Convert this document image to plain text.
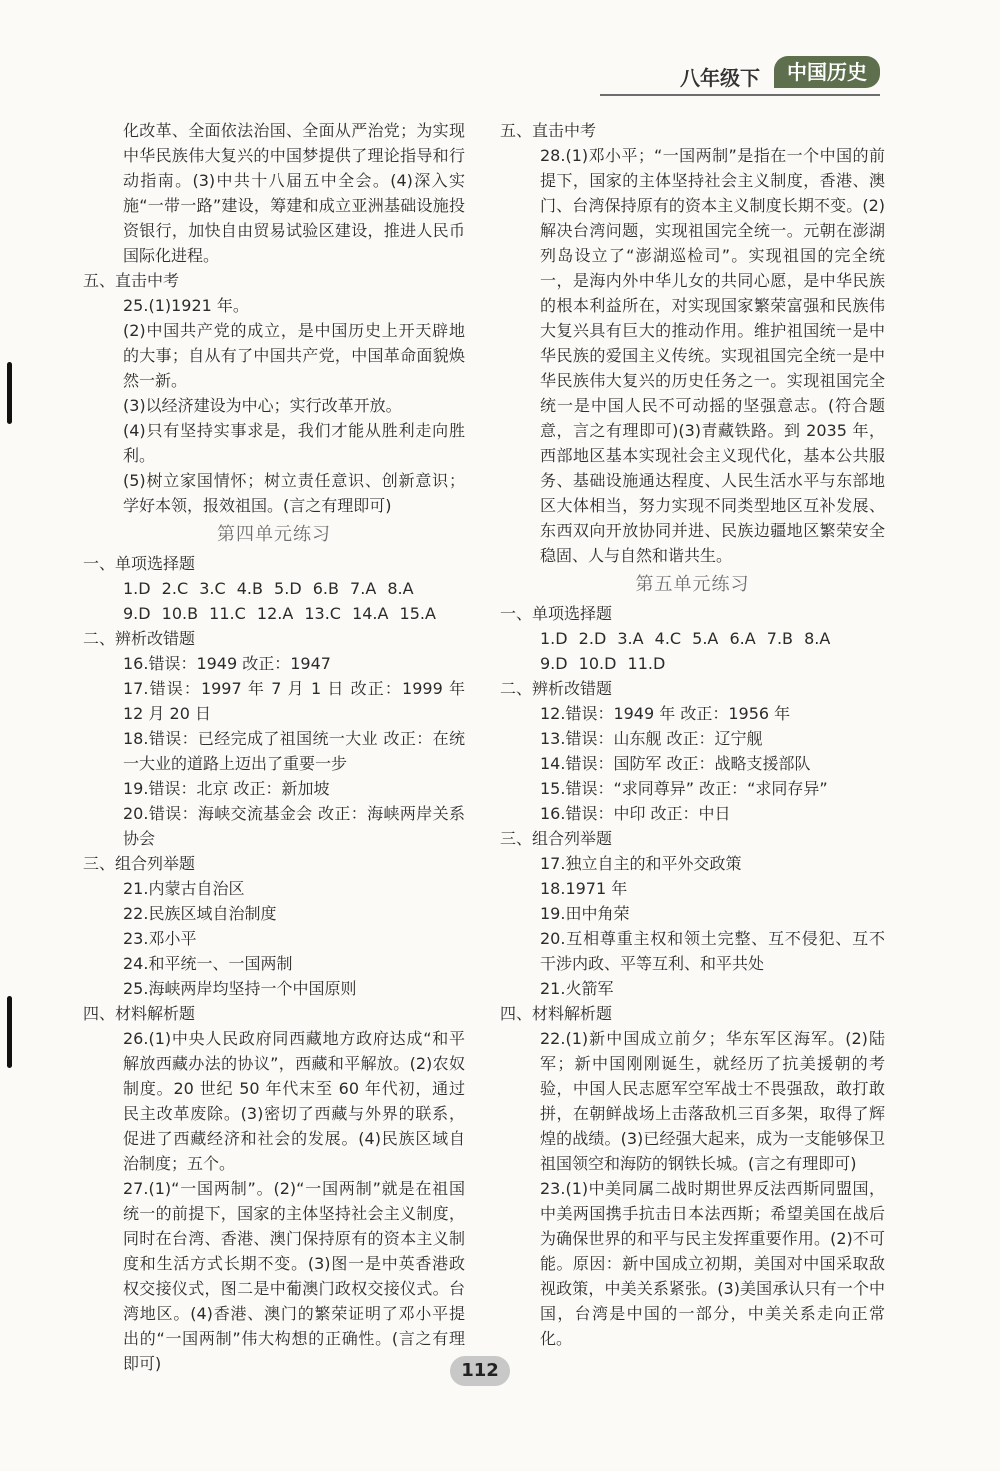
八年级下	中国历史

化改革、全面依法治国、全面从严治党；为实现中华民族伟大复兴的中国梦提供了理论指导和行动指南。(3)中共十八届五中全会。(4)深入实施“一带一路”建设，筹建和成立亚洲基础设施投资银行，加快自由贸易试验区建设，推进人民币国际化进程。

五、直击中考

25.(1)1921 年。

(2)中国共产党的成立，是中国历史上开天辟地的大事；自从有了中国共产党，中国革命面貌焕然一新。

(3)以经济建设为中心；实行改革开放。

(4)只有坚持实事求是，我们才能从胜利走向胜利。

(5)树立家国情怀；树立责任意识、创新意识；学好本领，报效祖国。(言之有理即可)

第四单元练习

一、单项选择题

1.D 2.C 3.C 4.B 5.D 6.B 7.A 8.A

9.D 10.B 11.C 12.A 13.C 14.A 15.A

二、辨析改错题

16.错误：1949 改正：1947

17.错误：1997 年 7 月 1 日 改正：1999 年 12 月 20 日

18.错误：已经完成了祖国统一大业 改正：在统一大业的道路上迈出了重要一步

19.错误：北京 改正：新加坡

20.错误：海峡交流基金会 改正：海峡两岸关系协会

三、组合列举题

21.内蒙古自治区

22.民族区域自治制度

23.邓小平

24.和平统一、一国两制

25.海峡两岸均坚持一个中国原则

四、材料解析题

26.(1)中央人民政府同西藏地方政府达成“和平解放西藏办法的协议”，西藏和平解放。(2)农奴制度。20 世纪 50 年代末至 60 年代初，通过民主改革废除。(3)密切了西藏与外界的联系，促进了西藏经济和社会的发展。(4)民族区域自治制度；五个。

27.(1)“一国两制”。(2)“一国两制”就是在祖国统一的前提下，国家的主体坚持社会主义制度，同时在台湾、香港、澳门保持原有的资本主义制度和生活方式长期不变。(3)图一是中英香港政权交接仪式，图二是中葡澳门政权交接仪式。台湾地区。(4)香港、澳门的繁荣证明了邓小平提出的“一国两制”伟大构想的正确性。(言之有理即可)

五、直击中考

28.(1)邓小平；“一国两制”是指在一个中国的前提下，国家的主体坚持社会主义制度，香港、澳门、台湾保持原有的资本主义制度长期不变。(2)解决台湾问题，实现祖国完全统一。元朝在澎湖列岛设立了“澎湖巡检司”。实现祖国的完全统一，是海内外中华儿女的共同心愿，是中华民族的根本利益所在，对实现国家繁荣富强和民族伟大复兴具有巨大的推动作用。维护祖国统一是中华民族的爱国主义传统。实现祖国完全统一是中华民族伟大复兴的历史任务之一。实现祖国完全统一是中国人民不可动摇的坚强意志。(符合题意，言之有理即可)(3)青藏铁路。到 2035 年，西部地区基本实现社会主义现代化，基本公共服务、基础设施通达程度、人民生活水平与东部地区大体相当，努力实现不同类型地区互补发展、东西双向开放协同并进、民族边疆地区繁荣安全稳固、人与自然和谐共生。

第五单元练习

一、单项选择题

1.D 2.D 3.A 4.C 5.A 6.A 7.B 8.A

9.D 10.D 11.D

二、辨析改错题

12.错误：1949 年 改正：1956 年

13.错误：山东舰 改正：辽宁舰

14.错误：国防军 改正：战略支援部队

15.错误：“求同尊异” 改正：“求同存异”

16.错误：中印 改正：中日

三、组合列举题

17.独立自主的和平外交政策

18.1971 年

19.田中角荣

20.互相尊重主权和领土完整、互不侵犯、互不干涉内政、平等互利、和平共处

21.火箭军

四、材料解析题

22.(1)新中国成立前夕；华东军区海军。(2)陆军；新中国刚刚诞生，就经历了抗美援朝的考验，中国人民志愿军空军战士不畏强敌，敢打敢拼，在朝鲜战场上击落敌机三百多架，取得了辉煌的战绩。(3)已经强大起来，成为一支能够保卫祖国领空和海防的钢铁长城。(言之有理即可)

23.(1)中美同属二战时期世界反法西斯同盟国，中美两国携手抗击日本法西斯；希望美国在战后为确保世界的和平与民主发挥重要作用。(2)不可能。原因：新中国成立初期，美国对中国采取敌视政策，中美关系紧张。(3)美国承认只有一个中国，台湾是中国的一部分，中美关系走向正常化。

112
